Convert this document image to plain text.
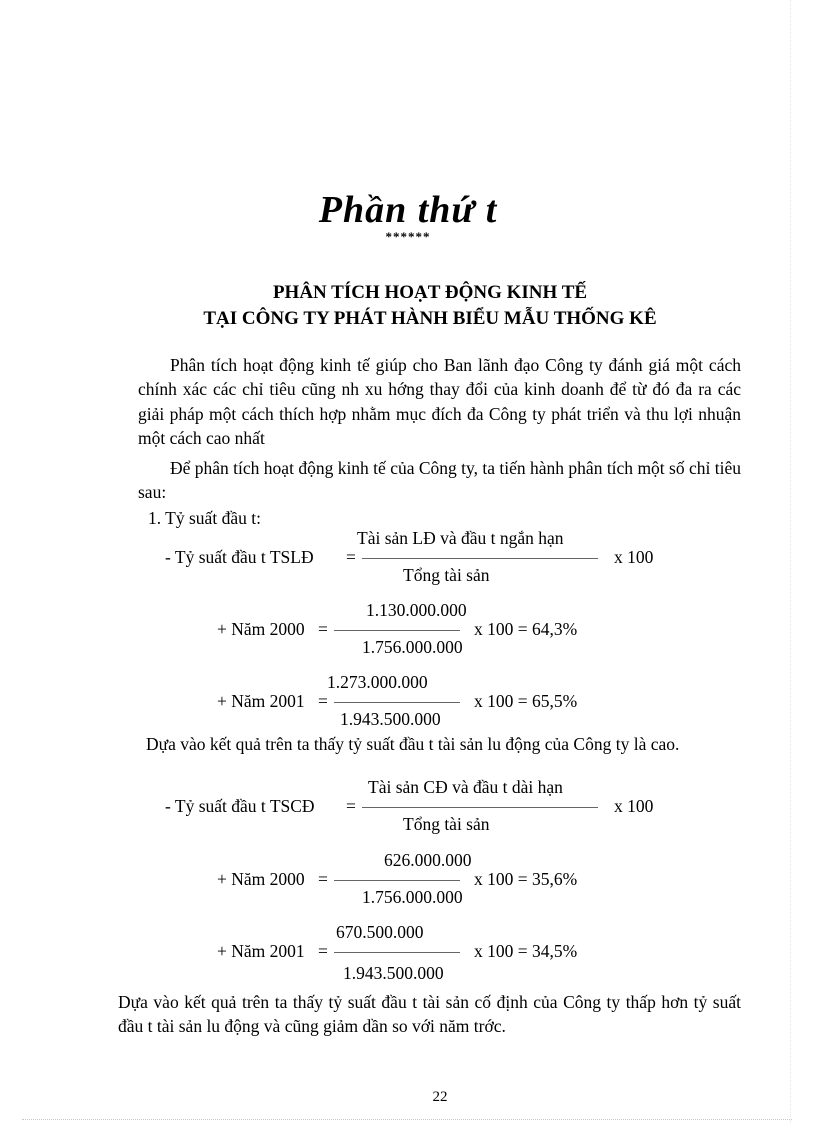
Phần thứ t
******
PHÂN TÍCH HOẠT ĐỘNG KINH TẾ
TẠI CÔNG TY PHÁT HÀNH BIỂU MẪU THỐNG KÊ
Phân tích hoạt động kinh tế giúp cho Ban lãnh đạo Công ty đánh giá một cách chính xác các chỉ tiêu cũng nh xu hớng thay đổi của kinh doanh để từ đó đa ra các giải pháp một cách thích hợp nhằm mục đích đa Công ty phát triển và thu lợi nhuận một cách cao nhất
Để phân tích hoạt động kinh tế của Công ty, ta tiến hành phân tích một số chỉ tiêu sau:
1. Tỷ suất đầu t:
Tài sản LĐ và đầu t ngắn hạn
- Tỷ suất đầu t TSLĐ =	x 100
Tổng tài sản
1.130.000.000
+ Năm 2000 =	x 100 = 64,3%
1.756.000.000
1.273.000.000
+ Năm 2001 =	x 100 = 65,5%
1.943.500.000
Dựa vào kết quả trên ta thấy tỷ suất đầu t tài sản lu động của Công ty là cao.
Tài sản CĐ và đầu t dài hạn
- Tỷ suất đầu t TSCĐ =	x 100
Tổng tài sản
626.000.000
+ Năm 2000 =	x 100 = 35,6%
1.756.000.000
670.500.000
+ Năm 2001 =	x 100 = 34,5%
1.943.500.000
Dựa vào kết quả trên ta thấy tỷ suất đầu t tài sản cố định của Công ty thấp hơn tỷ suất đầu t tài sản lu động và cũng giảm dần so với năm trớc.
22
